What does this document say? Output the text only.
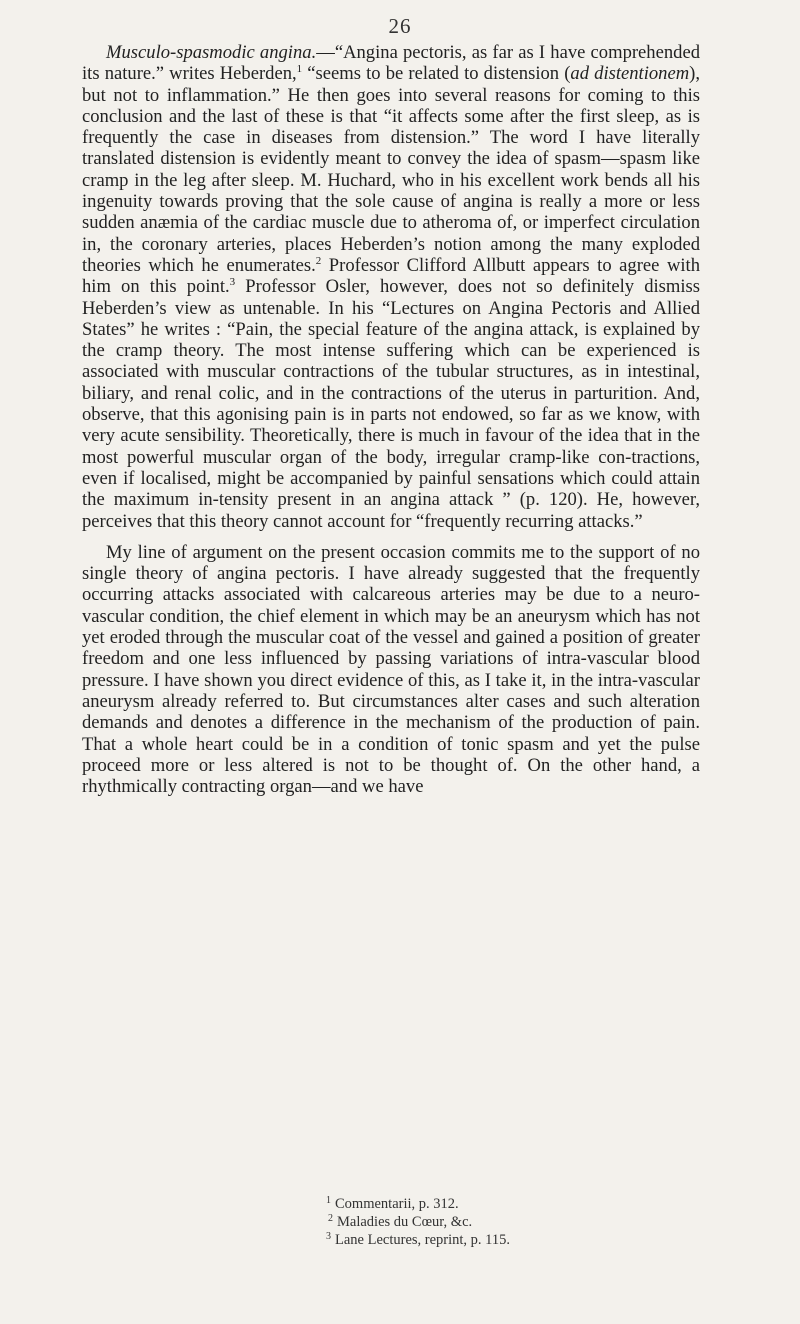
26

Musculo-spasmodic angina.—“Angina pectoris, as far as I have comprehended its nature.” writes Heberden,$^1$ “seems to be related to distension (ad distentionem), but not to inflammation.” He then goes into several reasons for coming to this conclusion and the last of these is that “it affects some after the first sleep, as is frequently the case in diseases from distension.” The word I have literally translated distension is evidently meant to convey the idea of spasm—spasm like cramp in the leg after sleep. M. Huchard, who in his excellent work bends all his ingenuity towards proving that the sole cause of angina is really a more or less sudden anæmia of the cardiac muscle due to atheroma of, or imperfect circulation in, the coronary arteries, places Heberden’s notion among the many exploded theories which he enumerates.$^2$ Professor Clifford Allbutt appears to agree with him on this point.$^3$ Professor Osler, however, does not so definitely dismiss Heberden’s view as untenable. In his “Lectures on Angina Pectoris and Allied States” he writes : “Pain, the special feature of the angina attack, is explained by the cramp theory. The most intense suffering which can be experienced is associated with muscular contractions of the tubular structures, as in intestinal, biliary, and renal colic, and in the contractions of the uterus in parturition. And, observe, that this agonising pain is in parts not endowed, so far as we know, with very acute sensibility. Theoretically, there is much in favour of the idea that in the most powerful muscular organ of the body, irregular cramp-like con-tractions, even if localised, might be accompanied by painful sensations which could attain the maximum in-tensity present in an angina attack ” (p. 120). He, however, perceives that this theory cannot account for “frequently recurring attacks.”

My line of argument on the present occasion commits me to the support of no single theory of angina pectoris. I have already suggested that the frequently occurring attacks associated with calcareous arteries may be due to a neuro-vascular condition, the chief element in which may be an aneurysm which has not yet eroded through the muscular coat of the vessel and gained a position of greater freedom and one less influenced by passing variations of intra-vascular blood pressure. I have shown you direct evidence of this, as I take it, in the intra-vascular aneurysm already referred to. But circumstances alter cases and such alteration demands and denotes a difference in the mechanism of the production of pain. That a whole heart could be in a condition of tonic spasm and yet the pulse proceed more or less altered is not to be thought of. On the other hand, a rhythmically contracting organ—and we have

$^1$ Commentarii, p. 312.
$^2$ Maladies du Cœur, &c.
$^3$ Lane Lectures, reprint, p. 115.
